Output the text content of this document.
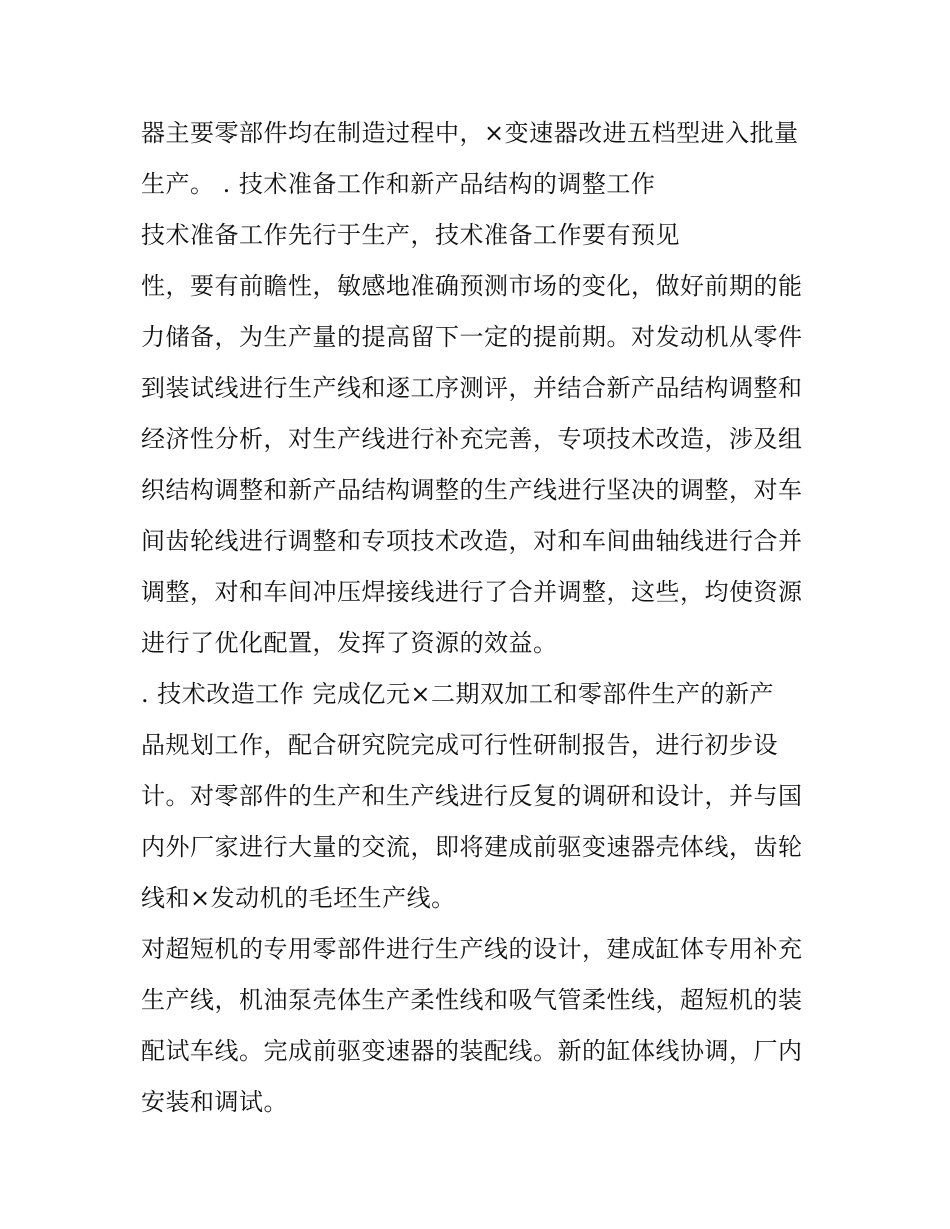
器主要零部件均在制造过程中，×变速器改进五档型进入批量
生产。 . 技术准备工作和新产品结构的调整工作
技术准备工作先行于生产，技术准备工作要有预见
性，要有前瞻性，敏感地准确预测市场的变化，做好前期的能
力储备，为生产量的提高留下一定的提前期。对发动机从零件
到装试线进行生产线和逐工序测评，并结合新产品结构调整和
经济性分析，对生产线进行补充完善，专项技术改造，涉及组
织结构调整和新产品结构调整的生产线进行坚决的调整，对车
间齿轮线进行调整和专项技术改造，对和车间曲轴线进行合并
调整，对和车间冲压焊接线进行了合并调整，这些，均使资源
进行了优化配置，发挥了资源的效益。
. 技术改造工作 完成亿元×二期双加工和零部件生产的新产
品规划工作，配合研究院完成可行性研制报告，进行初步设
计。对零部件的生产和生产线进行反复的调研和设计，并与国
内外厂家进行大量的交流，即将建成前驱变速器壳体线，齿轮
线和×发动机的毛坯生产线。
对超短机的专用零部件进行生产线的设计，建成缸体专用补充
生产线，机油泵壳体生产柔性线和吸气管柔性线，超短机的装
配试车线。完成前驱变速器的装配线。新的缸体线协调，厂内
安装和调试。
